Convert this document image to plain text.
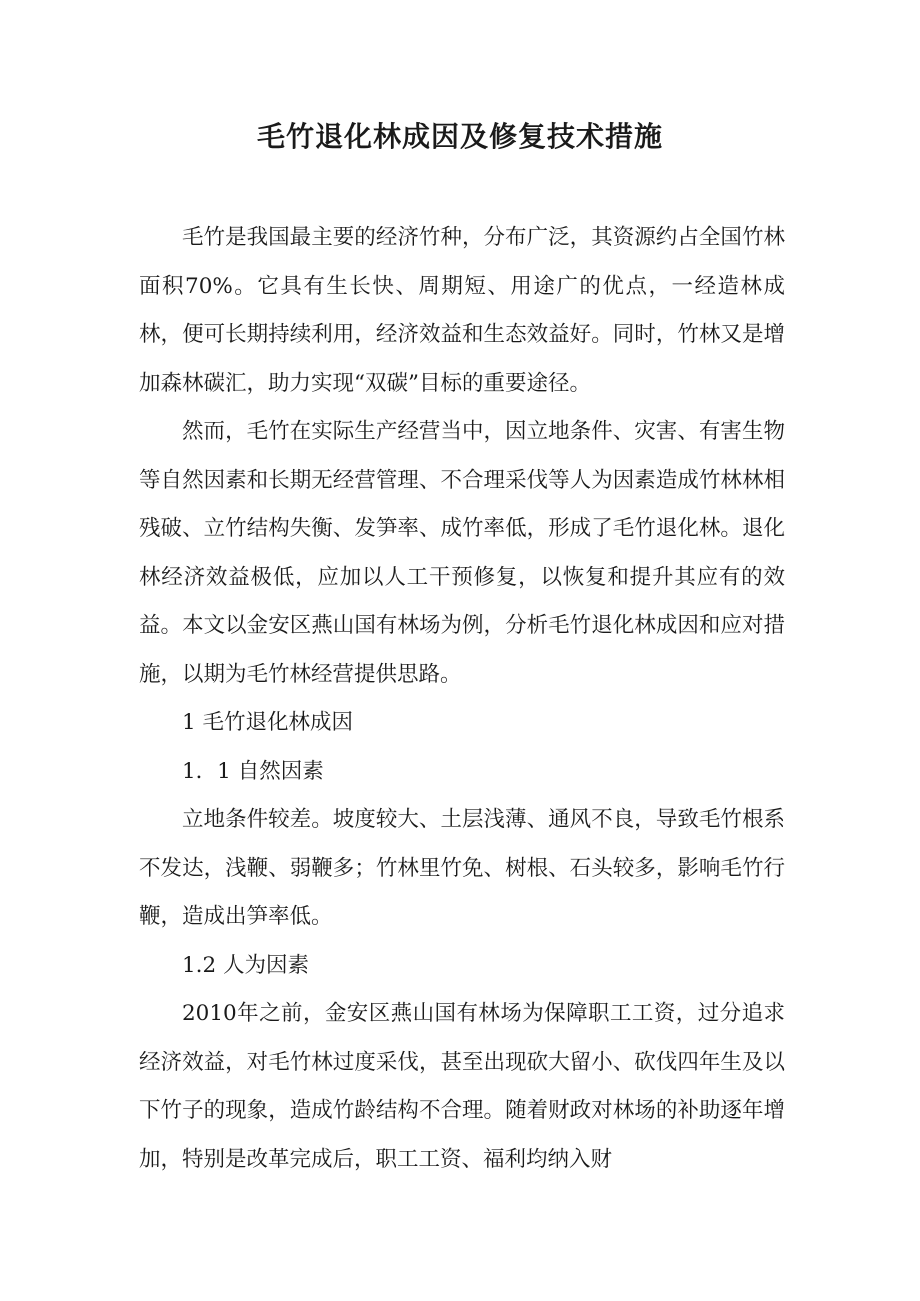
毛竹退化林成因及修复技术措施

毛竹是我国最主要的经济竹种，分布广泛，其资源约占全国竹林面积70%。它具有生长快、周期短、用途广的优点，一经造林成林，便可长期持续利用，经济效益和生态效益好。同时，竹林又是增加森林碳汇，助力实现“双碳”目标的重要途径。

然而，毛竹在实际生产经营当中，因立地条件、灾害、有害生物等自然因素和长期无经营管理、不合理采伐等人为因素造成竹林林相残破、立竹结构失衡、发笋率、成竹率低，形成了毛竹退化林。退化林经济效益极低，应加以人工干预修复，以恢复和提升其应有的效益。本文以金安区燕山国有林场为例，分析毛竹退化林成因和应对措施，以期为毛竹林经营提供思路。

1 毛竹退化林成因

1．1 自然因素

立地条件较差。坡度较大、土层浅薄、通风不良，导致毛竹根系不发达，浅鞭、弱鞭多；竹林里竹免、树根、石头较多，影响毛竹行鞭，造成出笋率低。

1.2 人为因素

2010年之前，金安区燕山国有林场为保障职工工资，过分追求经济效益，对毛竹林过度采伐，甚至出现砍大留小、砍伐四年生及以下竹子的现象，造成竹龄结构不合理。随着财政对林场的补助逐年增加，特别是改革完成后，职工工资、福利均纳入财
